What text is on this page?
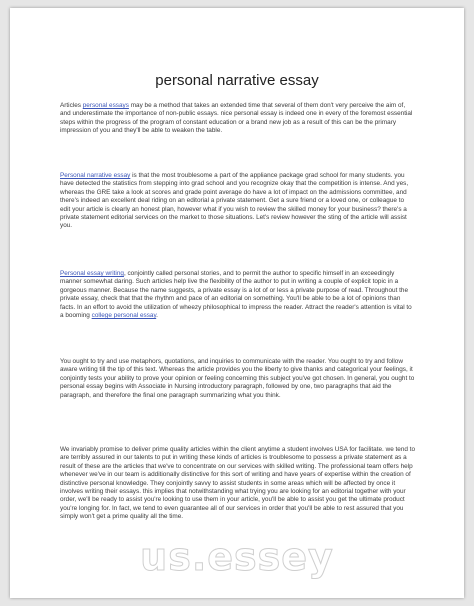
personal narrative essay

Articles personal essays may be a method that takes an extended time that several of them don't very perceive the aim of, and underestimate the importance of non-public essays. nice personal essay is indeed one in every of the foremost essential steps within the progress of the program of constant education or a brand new job as a result of this can be the primary impression of you and they'll be able to weaken the table.

Personal narrative essay is that the most troublesome a part of the appliance package grad school for many students. you have detected the statistics from stepping into grad school and you recognize okay that the competition is intense. And yes, whereas the GRE take a look at scores and grade point average do have a lot of impact on the admissions committee, and there's indeed an excellent deal riding on an editorial a private statement. Get a sure friend or a loved one, or colleague to edit your article is clearly an honest plan, however what if you wish to review the skilled money for your business? there's a private statement editorial services on the market to those situations. Let's review however the sting of the article will assist you.

Personal essay writing, conjointly called personal stories, and to permit the author to specific himself in an exceedingly manner somewhat daring. Such articles help live the flexibility of the author to put in writing a couple of explicit topic in a gorgeous manner. Because the name suggests, a private essay is a lot of or less a private purpose of read. Throughout the private essay, check that that the rhythm and pace of an editorial on something. You'll be able to be a lot of opinions than facts. In an effort to avoid the utilization of wheezy philosophical to impress the reader. Attract the reader's attention is vital to a booming college personal essay.

You ought to try and use metaphors, quotations, and inquiries to communicate with the reader. You ought to try and follow aware writing till the tip of this text. Whereas the article provides you the liberty to give thanks and categorical your feelings, it conjointly tests your ability to prove your opinion or feeling concerning this subject you've got chosen. In general, you ought to personal essay begins with Associate in Nursing introductory paragraph, followed by one, two paragraphs that aid the paragraph, and therefore the final one paragraph summarizing what you think.

We invariably promise to deliver prime quality articles within the client anytime a student involves USA for facilitate. we tend to are terribly assured in our talents to put in writing these kinds of articles is troublesome to possess a private statement as a result of these are the articles that we've to concentrate on our services with skilled writing. The professional team offers help whenever we've in our team is additionally distinctive for this sort of writing and have years of expertise within the creation of distinctive personal knowledge. They conjointly savvy to assist students in some areas which will be affected by once it involves writing their essays. this implies that notwithstanding what trying you are looking for an editorial together with your order, we'll be ready to assist you're looking to use them in your article, you'll be able to assist you get the ultimate product you're longing for. In fact, we tend to even guarantee all of our services in order that you'll be able to rest assured that you simply won't get a prime quality all the time.

us.essey
